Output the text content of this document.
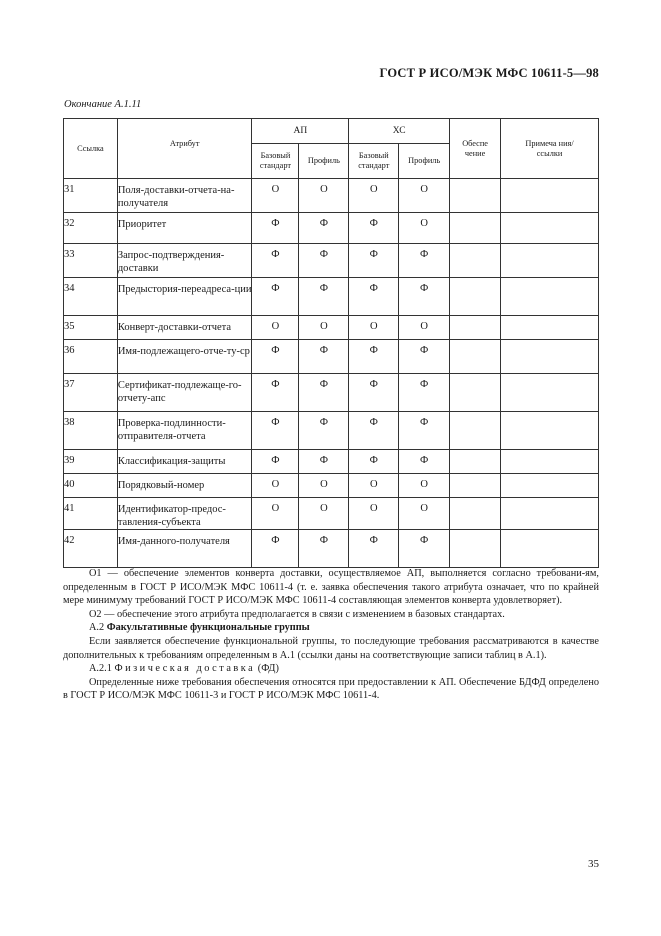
ГОСТ Р ИСО/МЭК МФС 10611-5—98
Окончание А.1.11
Ссылка	Атрибут	АП		ХС		Обеспе чение	Примеча ния/ссылки
		Базовый стандарт	Профиль	Базовый стандарт	Профиль		
31	Поля-доставки-отчета-на-получателя	О	О	О	О		
32	Приоритет	Ф	Ф	Ф	О		
33	Запрос-подтверждения-доставки	Ф	Ф	Ф	Ф		
34	Предыстория-переадреса-ции	Ф	Ф	Ф	Ф		
35	Конверт-доставки-отчета	О	О	О	О		
36	Имя-подлежащего-отче-ту-ср	Ф	Ф	Ф	Ф		
37	Сертификат-подлежаще-го-отчету-апс	Ф	Ф	Ф	Ф		
38	Проверка-подлинности-отправителя-отчета	Ф	Ф	Ф	Ф		
39	Классификация-защиты	Ф	Ф	Ф	Ф		
40	Порядковый-номер	О	О	О	О		
41	Идентификатор-предос-тавления-субъекта	О	О	О	О		
42	Имя-данного-получателя	Ф	Ф	Ф	Ф		

О1 — обеспечение элементов конверта доставки, осуществляемое АП, выполняется согласно требовани-ям, определенным в ГОСТ Р ИСО/МЭК МФС 10611-4 (т. е. заявка обеспечения такого атрибута означает, что по крайней мере минимуму требований ГОСТ Р ИСО/МЭК МФС 10611-4 составляющая элементов конверта удовлетворяет).

О2 — обеспечение этого атрибута предполагается в связи с изменением в базовых стандартах.

А.2 Факультативные функциональные группы

Если заявляется обеспечение функциональной группы, то последующие требования рассматриваются в качестве дополнительных к требованиям определенным в А.1 (ссылки даны на соответствующие записи таблиц в А.1).

А.2.1 Физическая доставка (ФД)

Определенные ниже требования обеспечения относятся при предоставлении к АП. Обеспечение БДФД определено в ГОСТ Р ИСО/МЭК МФС 10611-3 и ГОСТ Р ИСО/МЭК МФС 10611-4.

35
